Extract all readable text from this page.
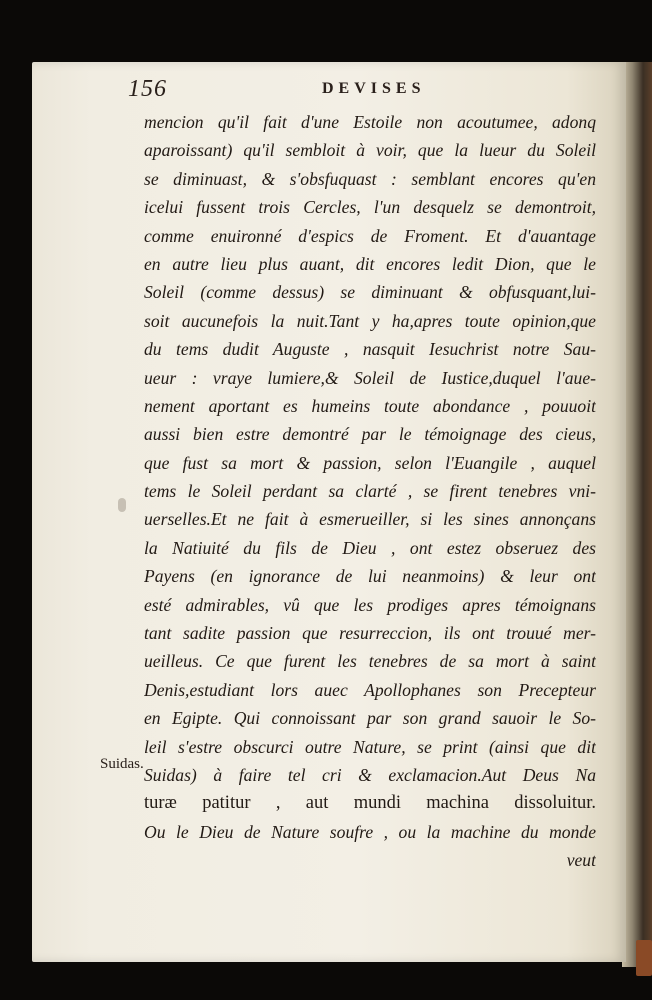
156	DEVISES
Suidas.
mencion qu'il fait d'une Estoile non acoutumee, adonq
aparoissant) qu'il sembloit à voir, que la lueur du Soleil
se diminuast, & s'obsfuquast : semblant encores qu'en
icelui fussent trois Cercles, l'un desquelz se demontroit,
comme enuironné d'espics de Froment. Et d'auantage
en autre lieu plus auant, dit encores ledit Dion, que le
Soleil (comme dessus) se diminuant & obfusquant,lui-
soit aucunefois la nuit.Tant y ha,apres toute opinion,que
du tems dudit Auguste , nasquit Iesuchrist notre Sau-
ueur : vraye lumiere,& Soleil de Iustice,duquel l'aue-
nement aportant es humeins toute abondance , pouuoit
aussi bien estre demontré par le témoignage des cieus,
que fust sa mort & passion, selon l'Euangile , auquel
tems le Soleil perdant sa clarté , se firent tenebres vni-
uerselles.Et ne fait à esmerueiller, si les sines annonçans
la Natiuité du fils de Dieu , ont estez obseruez des
Payens (en ignorance de lui neanmoins) & leur ont
esté admirables, vû que les prodiges apres témoignans
tant sadite passion que resurreccion, ils ont trouué mer-
ueilleus. Ce que furent les tenebres de sa mort à saint
Denis,estudiant lors auec Apollophanes son Precepteur
en Egipte. Qui connoissant par son grand sauoir le So-
leil s'estre obscurci outre Nature, se print (ainsi que dit
Suidas) à faire tel cri & exclamacion.Aut Deus Na
turæ patitur , aut mundi machina dissoluitur.
Ou le Dieu de Nature soufre , ou la machine du monde
veut
